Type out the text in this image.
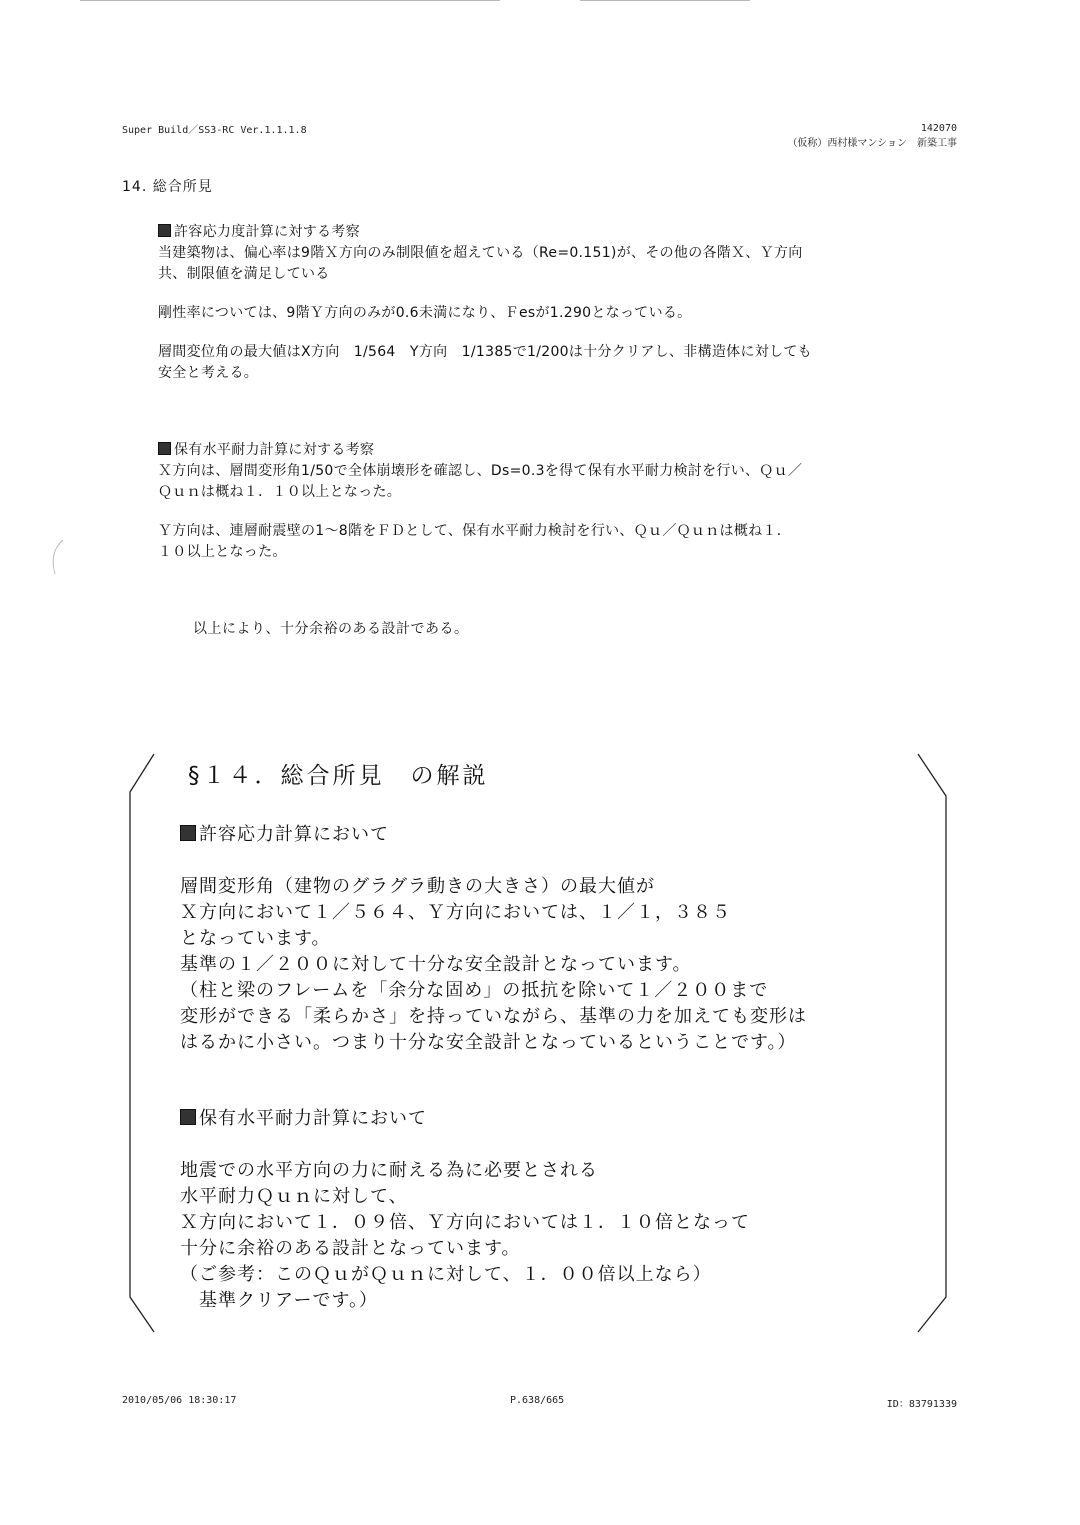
Super Build／SS3-RC Ver.1.1.1.8	142070
（仮称）西村様マンション　新築工事
14. 総合所見

許容応力度計算に対する考察

当建築物は、偏心率は9階Ｘ方向のみ制限値を超えている（Re=0.151)が、その他の各階Ｘ、Ｙ方向

共、制限値を満足している

剛性率については、9階Ｙ方向のみが0.6未満になり、Ｆesが1.290となっている。

層間変位角の最大値はX方向　1/564　Y方向　1/1385で1/200は十分クリアし、非構造体に対しても

安全と考える。

保有水平耐力計算に対する考察

Ｘ方向は、層間変形角1/50で全体崩壊形を確認し、Ds=0.3を得て保有水平耐力検討を行い、Ｑｕ／

Ｑｕｎは概ね１．１０以上となった。

Ｙ方向は、連層耐震壁の1～8階をＦＤとして、保有水平耐力検討を行い、Ｑｕ／Ｑｕｎは概ね１．

１０以上となった。

以上により、十分余裕のある設計である。
§１４．総合所見　の解説

許容応力計算において

層間変形角（建物のグラグラ動きの大きさ）の最大値が

Ｘ方向において１／５６４、Ｙ方向においては、１／１，３８５

となっています。

基準の１／２００に対して十分な安全設計となっています。

（柱と梁のフレームを「余分な固め」の抵抗を除いて１／２００まで

変形ができる「柔らかさ」を持っていながら、基準の力を加えても変形は

はるかに小さい。つまり十分な安全設計となっているということです。）

保有水平耐力計算において

地震での水平方向の力に耐える為に必要とされる

水平耐力Ｑｕｎに対して、

Ｘ方向において１．０９倍、Ｙ方向においては１．１０倍となって

十分に余裕のある設計となっています。

（ご参考：このＱｕがＱｕｎに対して、１．００倍以上なら）

　基準クリアーです。）

2010/05/06 18:30:17	P.638/665	ID：83791339
